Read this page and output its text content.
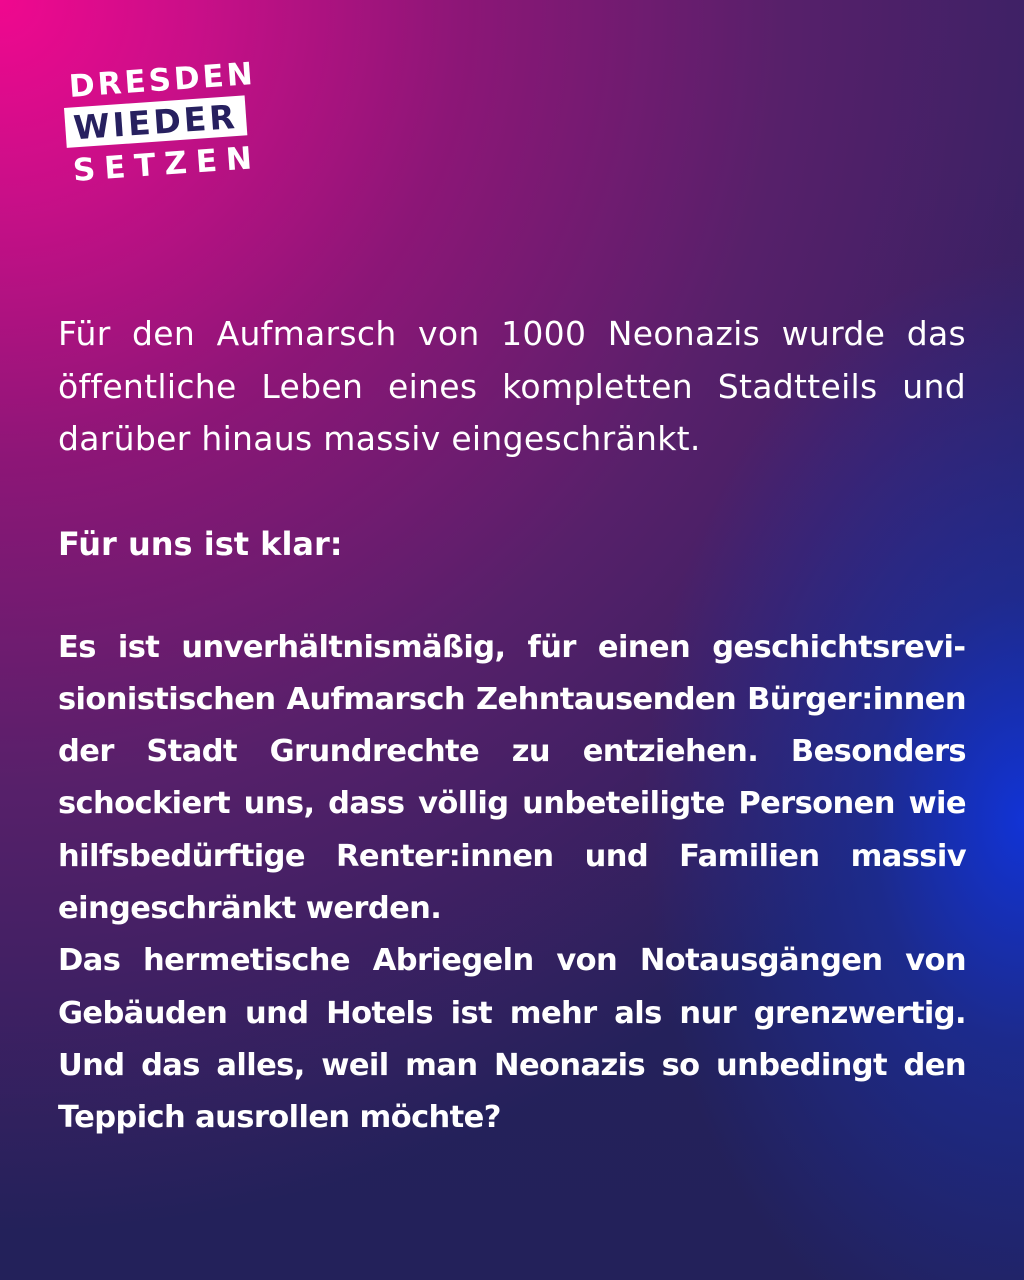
DRESDEN
WIEDER
SETZEN

Für den Aufmarsch von 1000 Neonazis wurde das öffentliche Leben eines kompletten Stadtteils und darüber hinaus massiv eingeschränkt.

Für uns ist klar:

Es ist unverhältnismäßig, für einen geschichtsrevisionistischen Aufmarsch Zehntausenden Bürger:innen der Stadt Grundrechte zu entziehen. Besonders schockiert uns, dass völlig unbeteiligte Personen wie hilfsbedürftige Renter:innen und Familien massiv eingeschränkt werden.

Das hermetische Abriegeln von Notausgängen von Gebäuden und Hotels ist mehr als nur grenzwertig. Und das alles, weil man Neonazis so unbedingt den Teppich ausrollen möchte?
